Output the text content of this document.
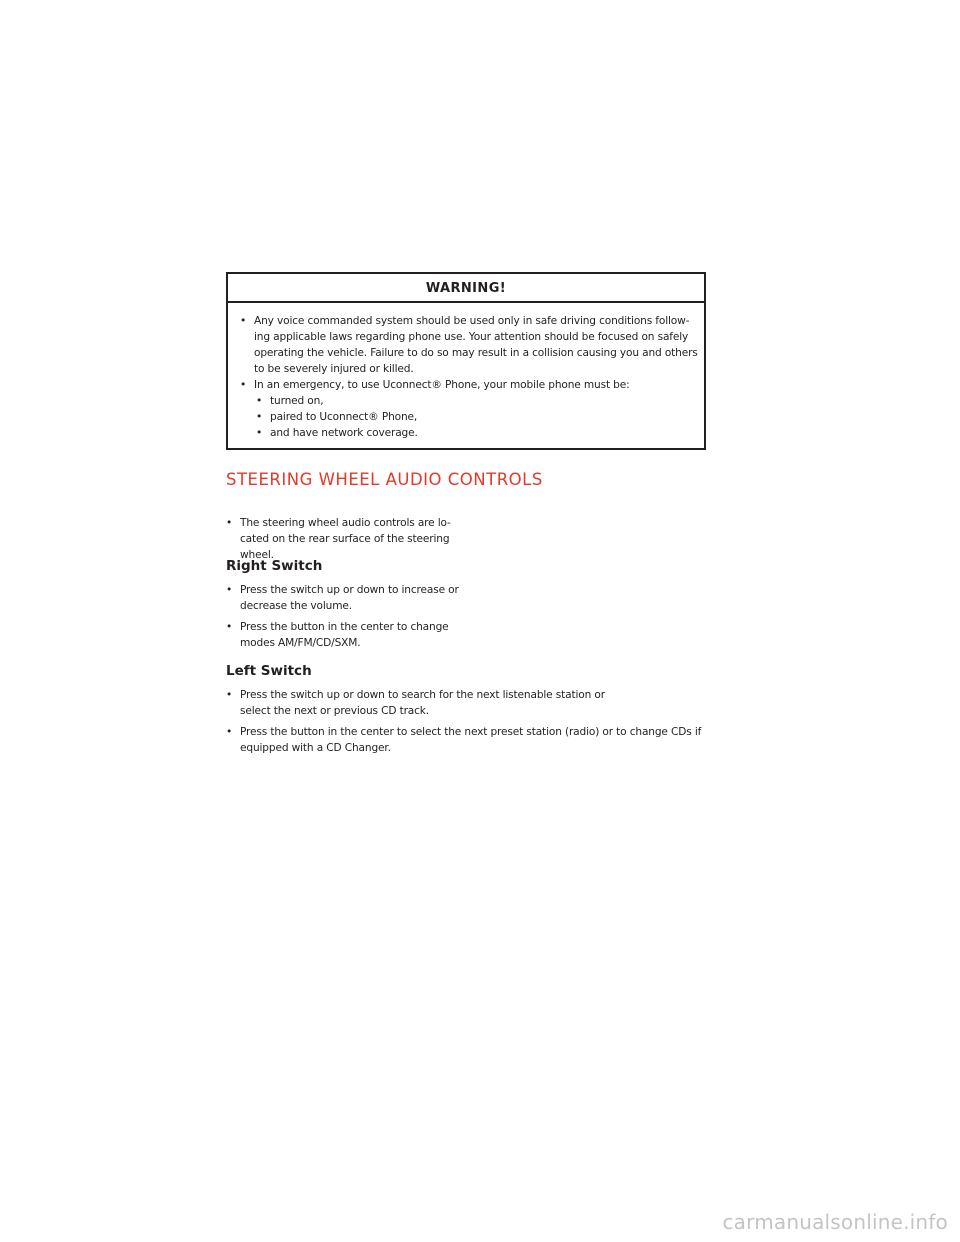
WARNING!
• Any voice commanded system should be used only in safe driving conditions follow-ing applicable laws regarding phone use. Your attention should be focused on safely operating the vehicle. Failure to do so may result in a collision causing you and others to be severely injured or killed.
• In an emergency, to use Uconnect® Phone, your mobile phone must be:
• turned on,
• paired to Uconnect® Phone,
• and have network coverage.
STEERING WHEEL AUDIO CONTROLS
• The steering wheel audio controls are lo-cated on the rear surface of the steering wheel.
Right Switch
• Press the switch up or down to increase or decrease the volume.
• Press the button in the center to change modes AM/FM/CD/SXM.
Left Switch
• Press the switch up or down to search for the next listenable station or select the next or previous CD track.
• Press the button in the center to select the next preset station (radio) or to change CDs if equipped with a CD Changer.
carmanualsonline.info
